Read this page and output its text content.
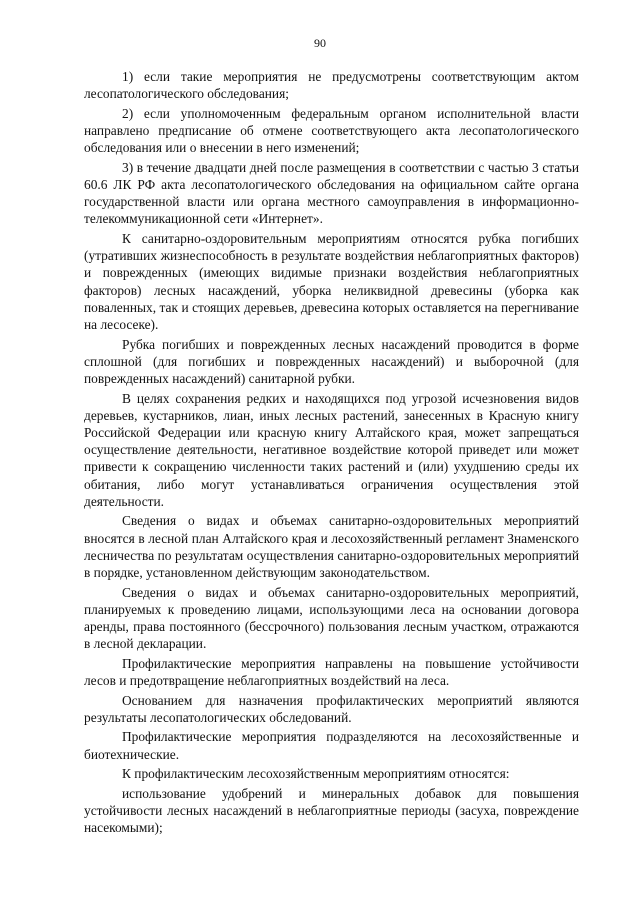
90

1) если такие мероприятия не предусмотрены соответствующим актом лесопатологического обследования;

2) если уполномоченным федеральным органом исполнительной власти направлено предписание об отмене соответствующего акта лесопатологического обследования или о внесении в него изменений;

3) в течение двадцати дней после размещения в соответствии с частью 3 статьи 60.6 ЛК РФ акта лесопатологического обследования на официальном сайте органа государственной власти или органа местного самоуправления в информационно-телекоммуникационной сети «Интернет».

К санитарно-оздоровительным мероприятиям относятся рубка погибших (утративших жизнеспособность в результате воздействия неблагоприятных факторов) и поврежденных (имеющих видимые признаки воздействия неблагоприятных факторов) лесных насаждений, уборка неликвидной древесины (уборка как поваленных, так и стоящих деревьев, древесина которых оставляется на перегнивание на лесосеке).

Рубка погибших и поврежденных лесных насаждений проводится в форме сплошной (для погибших и поврежденных насаждений) и выборочной (для поврежденных насаждений) санитарной рубки.

В целях сохранения редких и находящихся под угрозой исчезновения видов деревьев, кустарников, лиан, иных лесных растений, занесенных в Красную книгу Российской Федерации или красную книгу Алтайского края, может запрещаться осуществление деятельности, негативное воздействие которой приведет или может привести к сокращению численности таких растений и (или) ухудшению среды их обитания, либо могут устанавливаться ограничения осуществления этой деятельности.

Сведения о видах и объемах санитарно-оздоровительных мероприятий вносятся в лесной план Алтайского края и лесохозяйственный регламент Знаменского лесничества по результатам осуществления санитарно-оздоровительных мероприятий в порядке, установленном действующим законодательством.

Сведения о видах и объемах санитарно-оздоровительных мероприятий, планируемых к проведению лицами, использующими леса на основании договора аренды, права постоянного (бессрочного) пользования лесным участком, отражаются в лесной декларации.

Профилактические мероприятия направлены на повышение устойчивости лесов и предотвращение неблагоприятных воздействий на леса.

Основанием для назначения профилактических мероприятий являются результаты лесопатологических обследований.

Профилактические мероприятия подразделяются на лесохозяйственные и биотехнические.

К профилактическим лесохозяйственным мероприятиям относятся:

использование удобрений и минеральных добавок для повышения устойчивости лесных насаждений в неблагоприятные периоды (засуха, повреждение насекомыми);
